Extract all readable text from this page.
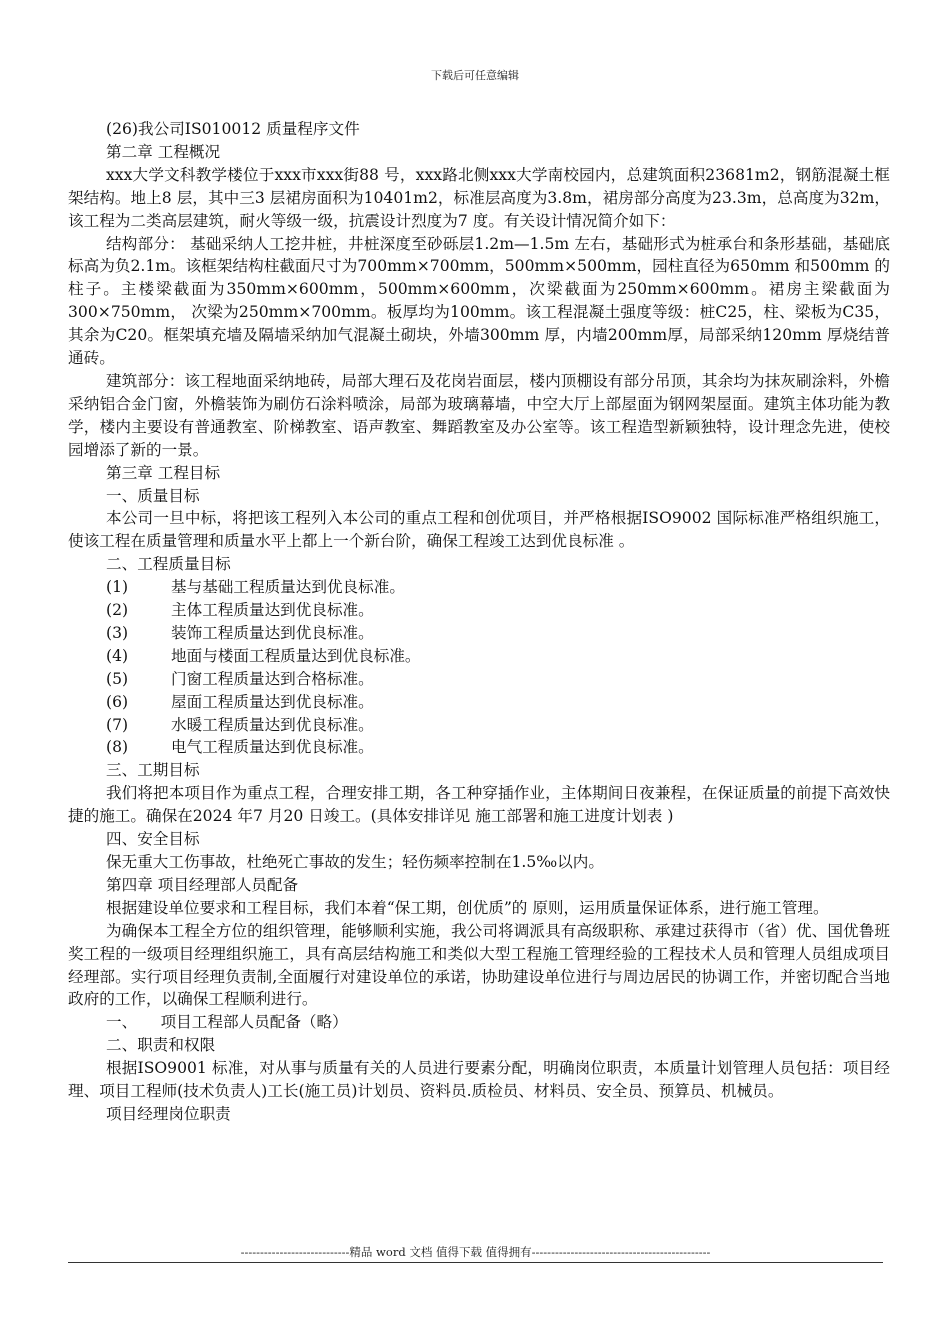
下载后可任意编辑

(26)我公司IS010012 质量程序文件

第二章 工程概况

xxx大学文科教学楼位于xxx市xxx街88 号，xxx路北侧xxx大学南校园内，总建筑面积23681m2，钢筋混凝土框架结构。地上8 层，其中三3 层裙房面积为10401m2，标准层高度为3.8m，裙房部分高度为23.3m，总高度为32m，该工程为二类高层建筑，耐火等级一级，抗震设计烈度为7 度。有关设计情况简介如下：

结构部分： 基础采纳人工挖井桩，井桩深度至砂砾层1.2m—1.5m 左右，基础形式为桩承台和条形基础，基础底标高为负2.1m。该框架结构柱截面尺寸为700mm×700mm，500mm×500mm，园柱直径为650mm 和500mm 的柱子。主楼梁截面为350mm×600mm，500mm×600mm，次梁截面为250mm×600mm。裙房主梁截面为300×750mm， 次梁为250mm×700mm。板厚均为100mm。该工程混凝土强度等级：桩C25，柱、梁板为C35，其余为C20。框架填充墙及隔墙采纳加气混凝土砌块，外墙300mm 厚，内墙200mm厚，局部采纳120mm 厚烧结普通砖。

建筑部分：该工程地面采纳地砖，局部大理石及花岗岩面层，楼内顶棚设有部分吊顶，其余均为抹灰刷涂料，外檐采纳铝合金门窗，外檐装饰为刷仿石涂料喷涂，局部为玻璃幕墙，中空大厅上部屋面为钢网架屋面。建筑主体功能为教学，楼内主要设有普通教室、阶梯教室、语声教室、舞蹈教室及办公室等。该工程造型新颖独特，设计理念先进，使校园增添了新的一景。

第三章 工程目标

一、质量目标

本公司一旦中标，将把该工程列入本公司的重点工程和创优项目，并严格根据ISO9002 国际标准严格组织施工，使该工程在质量管理和质量水平上都上一个新台阶，确保工程竣工达到优良标准 。

二、工程质量目标

(1)	基与基础工程质量达到优良标准。
(2)	主体工程质量达到优良标准。
(3)	装饰工程质量达到优良标准。
(4)	地面与楼面工程质量达到优良标准。
(5)	门窗工程质量达到合格标准。
(6)	屋面工程质量达到优良标准。
(7)	水暖工程质量达到优良标准。
(8)	电气工程质量达到优良标准。

三、工期目标

我们将把本项目作为重点工程，合理安排工期，各工种穿插作业，主体期间日夜兼程，在保证质量的前提下高效快捷的施工。确保在2024 年7 月20 日竣工。(具体安排详见 施工部署和施工进度计划表 )

四、安全目标

保无重大工伤事故，杜绝死亡事故的发生；轻伤频率控制在1.5‰以内。

第四章 项目经理部人员配备

根据建设单位要求和工程目标，我们本着“保工期，创优质”的 原则，运用质量保证体系，进行施工管理。

为确保本工程全方位的组织管理，能够顺利实施，我公司将调派具有高级职称、承建过获得市（省）优、国优鲁班奖工程的一级项目经理组织施工，具有高层结构施工和类似大型工程施工管理经验的工程技术人员和管理人员组成项目经理部。实行项目经理负责制,全面履行对建设单位的承诺，协助建设单位进行与周边居民的协调工作，并密切配合当地政府的工作，以确保工程顺利进行。

一、　　项目工程部人员配备（略）

二、职责和权限

根据ISO9001 标准，对从事与质量有关的人员进行要素分配，明确岗位职责，本质量计划管理人员包括：项目经理、项目工程师(技术负责人)工长(施工员)计划员、资料员.质检员、材料员、安全员、预算员、机械员。

项目经理岗位职责

----------------------------精品 word 文档 值得下载 值得拥有----------------------------------------------
